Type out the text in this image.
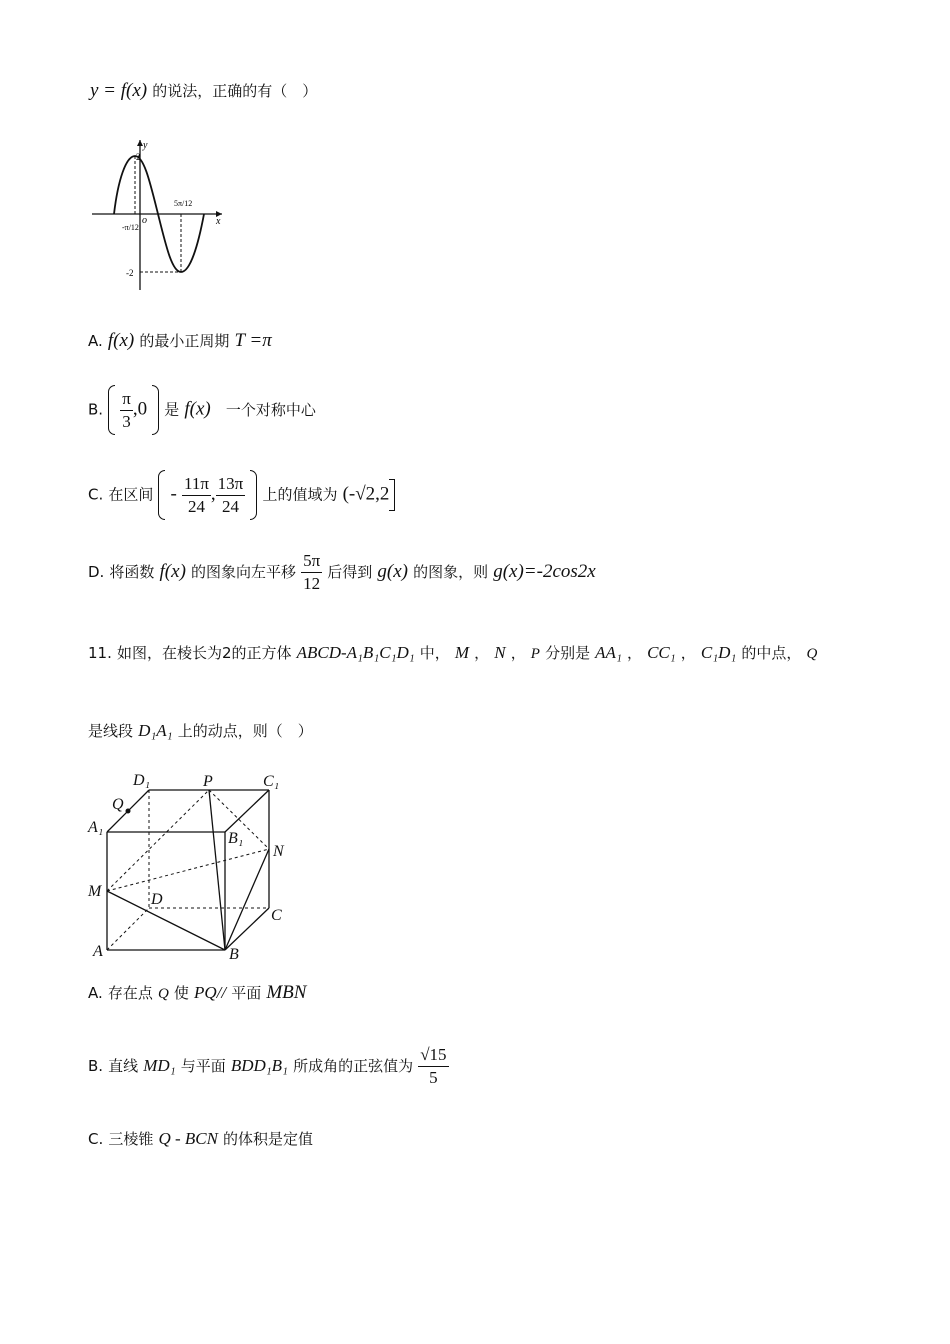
y = f(x) 的说法，正确的有（　）
y
x
o
2
-2
-π/12
5π/12
A. f(x) 的最小正周期 T =π
B. $\frac{\pi}{3} ,0$ 是 f(x) 一个对称中心
C. 在区间 - $\frac{11\pi}{24}$ , $\frac{13\pi}{24}$ 上的值域为 (-√2,2
D. 将函数 f(x) 的图象向左平移 $\frac{5\pi}{12}$ 后得到 g(x) 的图象，则 g(x)=-2cos2x
11. 如图，在棱长为2的正方体 ABCD-A₁B₁C₁D₁ 中， M ， N ， P 分别是 AA₁ ， CC₁ ， C₁D₁ 的中点， Q
是线段 D₁A₁ 上的动点，则（　）
D₁	P	C₁
Q
A₁
B₁
N
M	D
C
A	B
A. 存在点 Q 使 PQ// 平面 MBN
B. 直线 MD₁ 与平面 BDD₁B₁ 所成角的正弦值为 $\frac{√15}{5}$
C. 三棱锥 Q - BCN 的体积是定值
